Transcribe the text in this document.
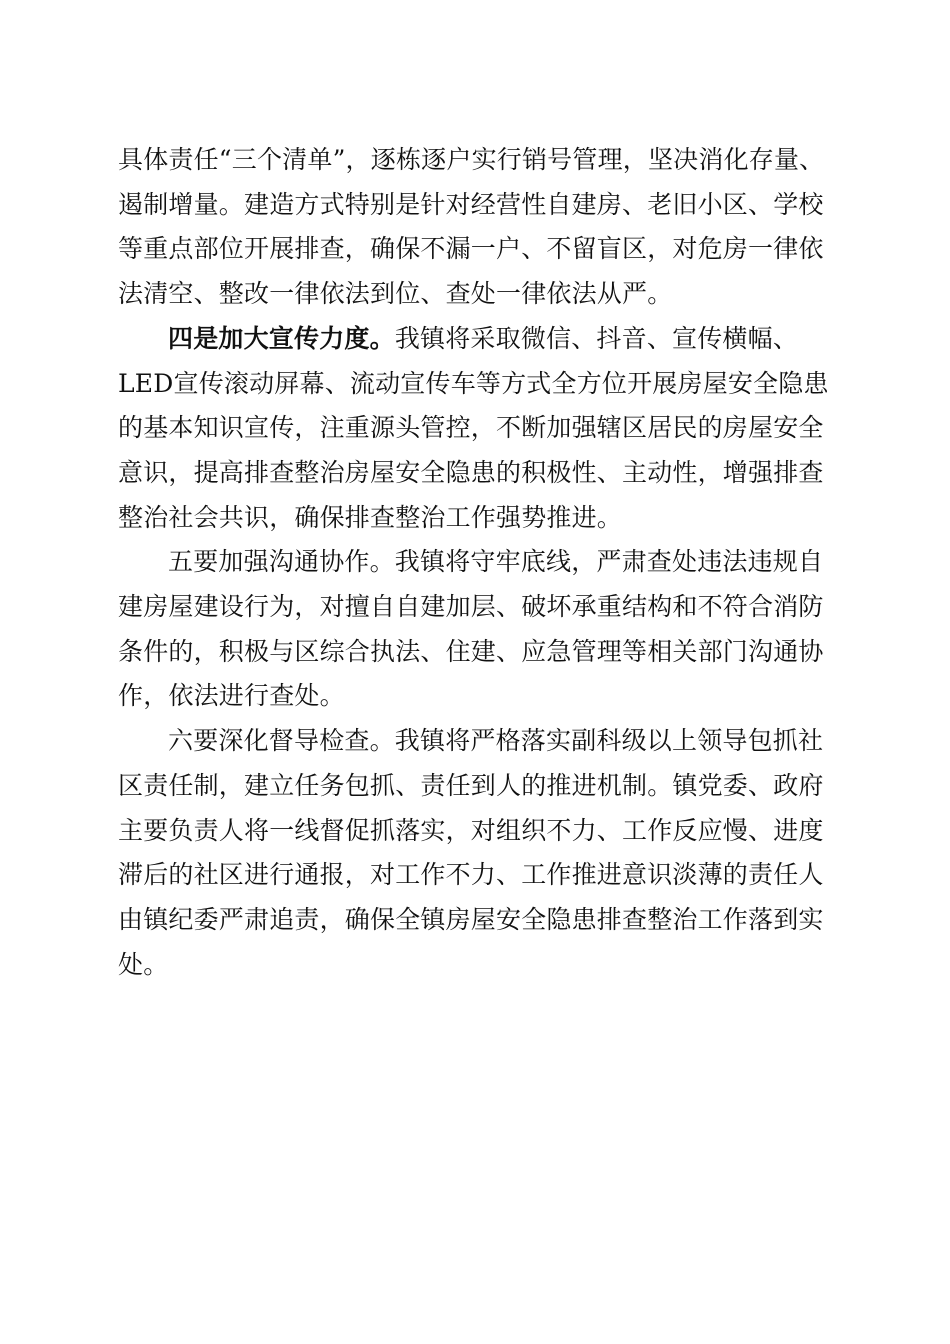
具体责任“三个清单”，逐栋逐户实行销号管理，坚决消化存量、遏制增量。建造方式特别是针对经营性自建房、老旧小区、学校等重点部位开展排查，确保不漏一户、不留盲区，对危房一律依法清空、整改一律依法到位、查处一律依法从严。

四是加大宣传力度。我镇将采取微信、抖音、宣传横幅、LED宣传滚动屏幕、流动宣传车等方式全方位开展房屋安全隐患的基本知识宣传，注重源头管控，不断加强辖区居民的房屋安全意识，提高排查整治房屋安全隐患的积极性、主动性，增强排查整治社会共识，确保排查整治工作强势推进。

五要加强沟通协作。我镇将守牢底线，严肃查处违法违规自建房屋建设行为，对擅自自建加层、破坏承重结构和不符合消防条件的，积极与区综合执法、住建、应急管理等相关部门沟通协作，依法进行查处。

六要深化督导检查。我镇将严格落实副科级以上领导包抓社区责任制，建立任务包抓、责任到人的推进机制。镇党委、政府主要负责人将一线督促抓落实，对组织不力、工作反应慢、进度滞后的社区进行通报，对工作不力、工作推进意识淡薄的责任人由镇纪委严肃追责，确保全镇房屋安全隐患排查整治工作落到实处。
